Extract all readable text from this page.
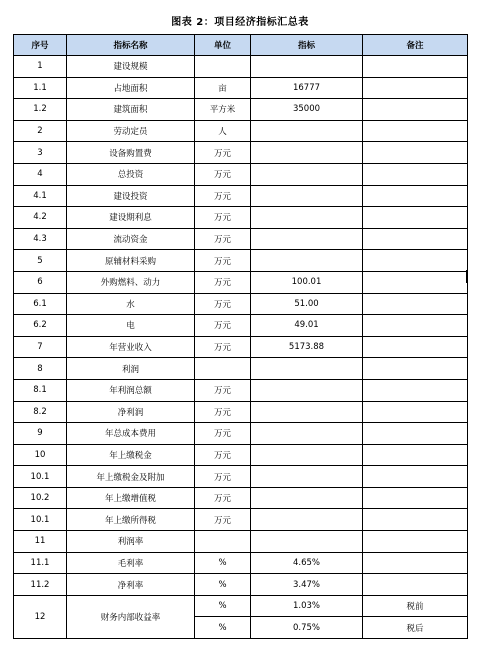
图表 2：项目经济指标汇总表
序号	指标名称	单位	指标	备注
1	建设规模			
1.1	占地面积	亩	16777	
1.2	建筑面积	平方米	35000	
2	劳动定员	人		
3	设备购置费	万元		
4	总投资	万元		
4.1	建设投资	万元		
4.2	建设期利息	万元		
4.3	流动资金	万元		
5	原辅材料采购	万元		
6	外购燃料、动力	万元	100.01	
6.1	水	万元	51.00	
6.2	电	万元	49.01	
7	年营业收入	万元	5173.88	
8	利润			
8.1	年利润总额	万元		
8.2	净利润	万元		
9	年总成本费用	万元		
10	年上缴税金	万元		
10.1	年上缴税金及附加	万元		
10.2	年上缴增值税	万元		
10.1	年上缴所得税	万元		
11	利润率			
11.1	毛利率	%	4.65%	
11.2	净利率	%	3.47%	
12	财务内部收益率	%	1.03%	税前
		%	0.75%	税后
